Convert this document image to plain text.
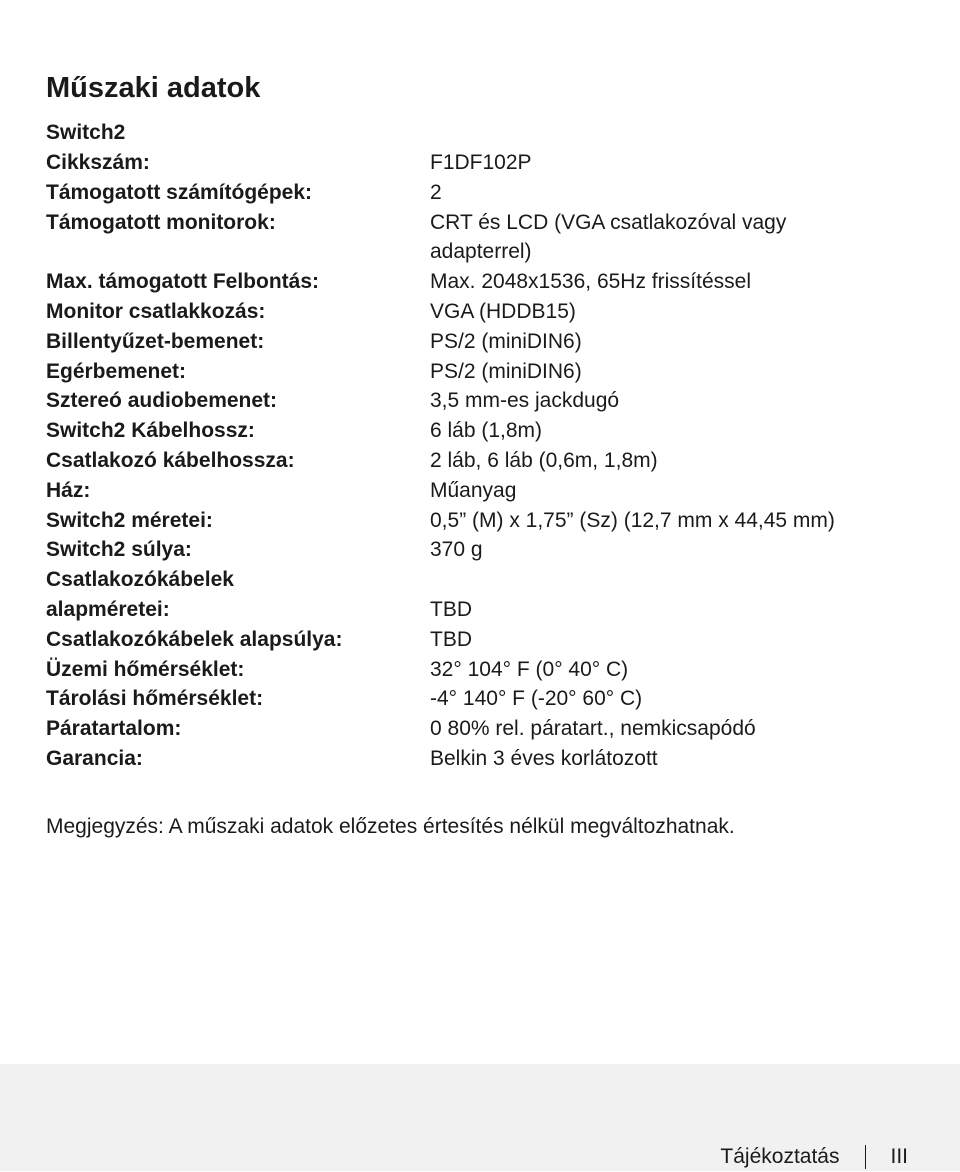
Műszaki adatok
Switch2
Cikkszám:	F1DF102P
Támogatott számítógépek:	2
Támogatott monitorok:	CRT és LCD (VGA csatlakozóval vagy adapterrel)
Max. támogatott Felbontás:	Max. 2048x1536, 65Hz frissítéssel
Monitor csatlakkozás:	VGA (HDDB15)
Billentyűzet-bemenet:	PS/2 (miniDIN6)
Egérbemenet:	PS/2 (miniDIN6)
Sztereó audiobemenet:	3,5 mm-es jackdugó
Switch2 Kábelhossz:	6 láb (1,8m)
Csatlakozó kábelhossza:	2 láb, 6 láb (0,6m, 1,8m)
Ház:	Műanyag
Switch2 méretei:	0,5” (M) x 1,75” (Sz) (12,7 mm x 44,45 mm)
Switch2 súlya:	370 g
Csatlakozókábelek
alapméretei:	TBD
Csatlakozókábelek alapsúlya:	TBD
Üzemi hőmérséklet:	32° 104° F (0° 40° C)
Tárolási hőmérséklet:	-4° 140° F (-20° 60° C)
Páratartalom:	0 80% rel. páratart., nemkicsapódó
Garancia:	Belkin 3 éves korlátozott
Megjegyzés: A műszaki adatok előzetes értesítés nélkül megváltozhatnak.
Tájékoztatás III
